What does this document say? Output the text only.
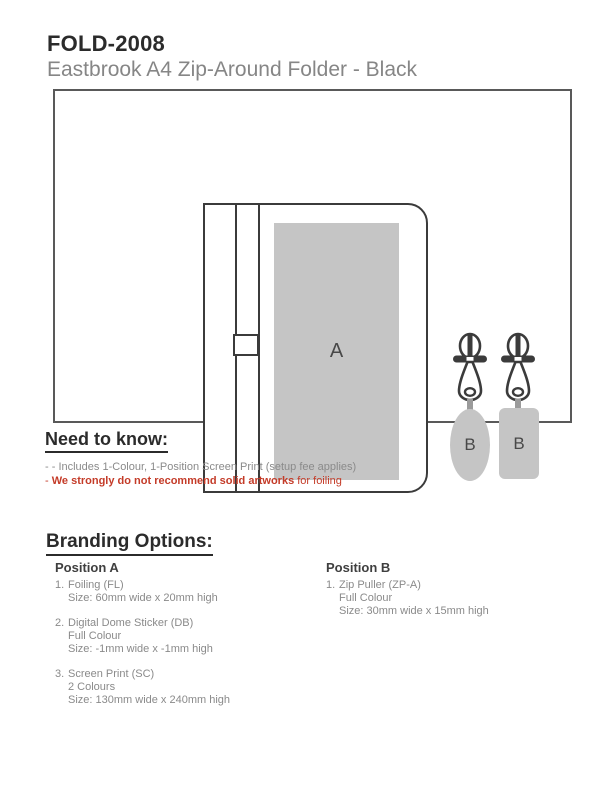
FOLD-2008
Eastbrook A4 Zip-Around Folder - Black
A
B B
Need to know:
- - Includes 1-Colour, 1-Position Screen Print (setup fee applies)
- We strongly do not recommend solid artworks for foiling
Branding Options:
Position A
1. Foiling (FL)
Size: 60mm wide x 20mm high
2. Digital Dome Sticker (DB)
Full Colour
Size: -1mm wide x -1mm high
3. Screen Print (SC)
2 Colours
Size: 130mm wide x 240mm high
Position B
1. Zip Puller (ZP-A)
Full Colour
Size: 30mm wide x 15mm high
